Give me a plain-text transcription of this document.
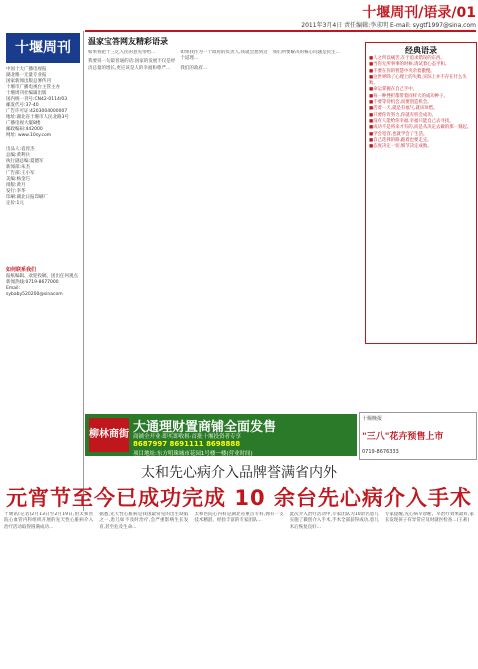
十堰周刊/语录/01
2011年3月4日 责任编辑:李求明 E-mail: sygtf1997@sina.com
十堰周刊
中国十大广播电视报
湖北唯一无量专业报
国家新闻出版总署传刊
十堰市广播电视台主管主办
十堰周刊社编辑出版
国内统一刊号:CN42-0114/03
邮发代号:37-40
广告许可证:4203004000007
地址:湖北省十堰市人民北路3号
广播电视大厦8楼
邮政编码:442000
网址: www.10sy.com
出品人:袁淳杰
总编:黄利兵
执行副总编:夏德军
新闻部:朱杰
广告部:王小军
美编:杨金巧
排版:黄月
发行:李华
印刷:湖北日报印刷厂
定价:1元
如何联系我们
报纸编辑、欢迎投稿、团出任何观点
新闻热线:0719-8677000
Email:
sybaby520200@sinacom
温家宝答网友精彩语录

如果我把十三亿人民的意见带给...

我要说一句最普通的话:国家的发展不仅是经济总量的增长,更应该是人的幸福和尊严...

如果我作为一个政府的负责人,我就会想到这个道理...

我们的政府...

我们所要解决的核心问题是民生...	经典语录
■人之所以痛苦,在于追求错误的东西。
■当你无所事事的时候,请试着心态平和。
■不要在你的智慧中夹杂着傲慢。
■这世界除了心理上的失败,实际上并不存在什么失败。
■命运掌握在自己手中。
■每一种挫折都带着同样大的成功种子。
■不要等待机会,而要创造机会。
■活着一天,就是有福气,就该珍惜。
■只要你肯努力,你就有机会成功。
■没有人能给你幸福,幸福只能自己去寻找。
■成功不是将来才有的,而是从决定去做的那一刻起。
■学会宽容,也就学会了生活。
■自己选择的路,跪着也要走完。
■态度决定一切,细节决定成败。
柳林商街 大通理财置商铺全面发售
商铺全开业·即买即收租·首批十堰投资者专享
8687997 8691111 8698888
项目地址:东方明珠城市花园1号楼一楼(营业时间)
十堰晚报
"三八"花卉预售上市
0719-8676333
太和先心病介入品牌誉满省内外
元宵节至今已成功完成 10 余台先心病介入手术

十堰讯(记者)2月13日至2月19日,由太和医院心血管内科组织开展的先天性心脏病介入治疗活动取得圆满成功...

据悉,先天性心脏病是我国最常见的出生缺陷之一,患儿如不及时治疗,会严重影响生长发育,甚至危及生命...

太和医院心内科是湖北省重点专科,拥有一支技术精湛、经验丰富的专家团队...

此次介入治疗活动中,专家团队为10余名患儿实施了微创介入手术,手术全部获得成功,患儿术后恢复良好...

专家提醒,先心病早诊断、早治疗效果最好,家长发现孩子有异常应及时就医检查...(王莉)
